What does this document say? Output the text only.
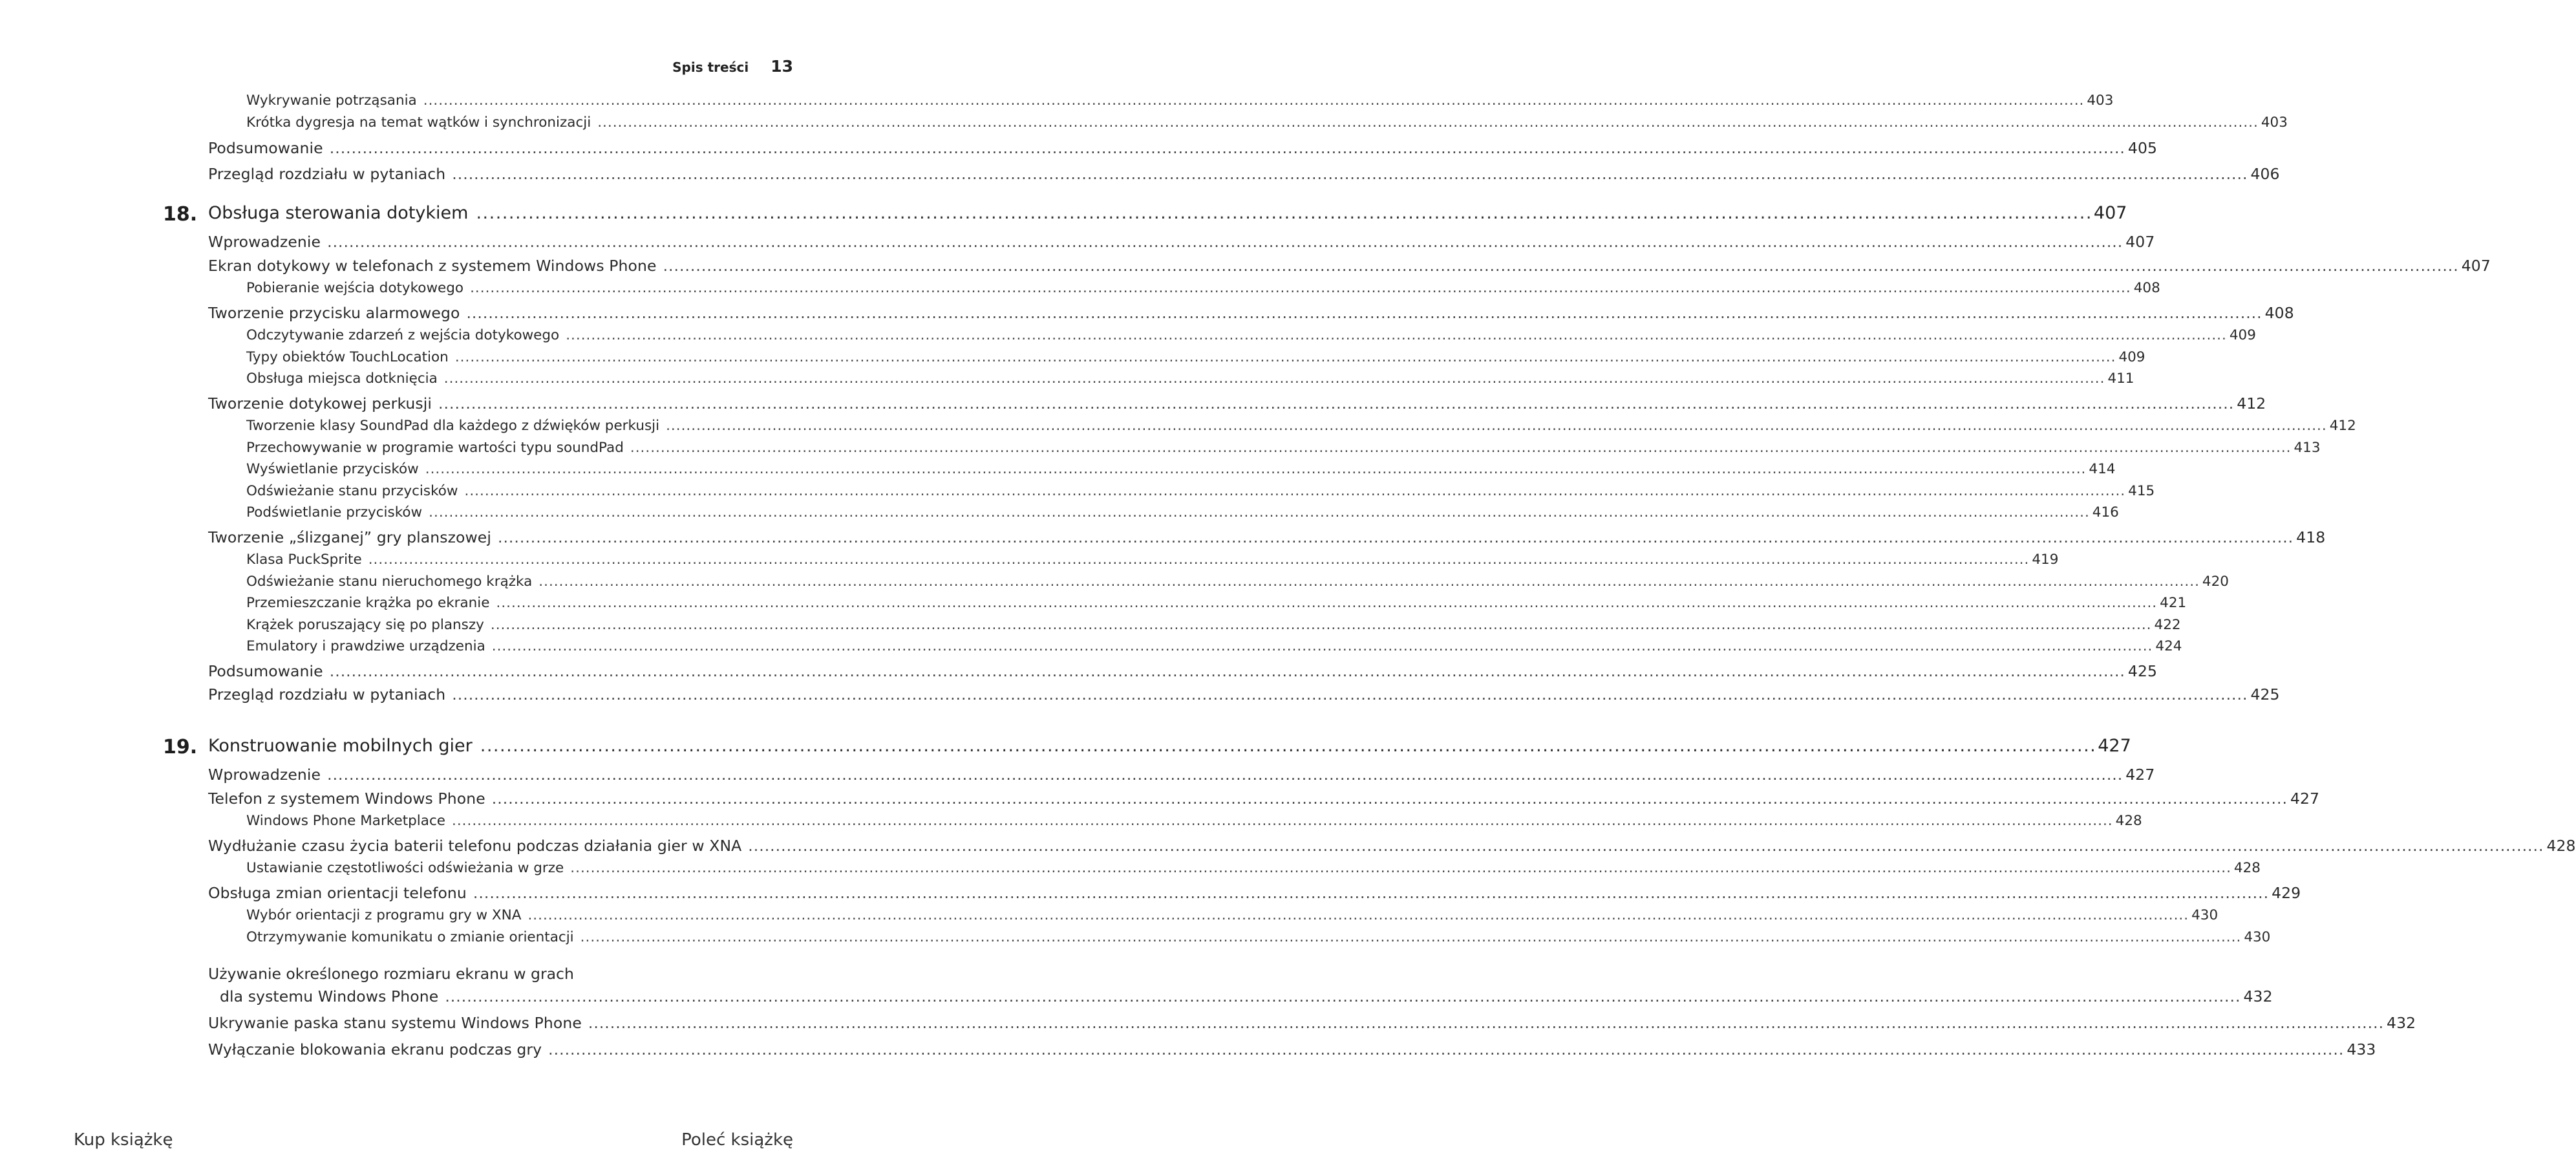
Spis treści 13
Wykrywanie potrząsania .....	403
Krótka dygresja na temat wątków i synchronizacji .....	403
Podsumowanie .....	405
Przegląd rozdziału w pytaniach .....	406
18. Obsługa sterowania dotykiem .....	407
Wprowadzenie .....	407
Ekran dotykowy w telefonach z systemem Windows Phone .....	407
Pobieranie wejścia dotykowego .....	408
Tworzenie przycisku alarmowego .....	408
Odczytywanie zdarzeń z wejścia dotykowego .....	409
Typy obiektów TouchLocation .....	409
Obsługa miejsca dotknięcia .....	411
Tworzenie dotykowej perkusji .....	412
Tworzenie klasy SoundPad dla każdego z dźwięków perkusji .....	412
Przechowywanie w programie wartości typu soundPad .....	413
Wyświetlanie przycisków .....	414
Odświeżanie stanu przycisków .....	415
Podświetlanie przycisków .....	416
Tworzenie „ślizganej” gry planszowej .....	418
Klasa PuckSprite .....	419
Odświeżanie stanu nieruchomego krążka .....	420
Przemieszczanie krążka po ekranie .....	421
Krążek poruszający się po planszy .....	422
Emulatory i prawdziwe urządzenia .....	424
Podsumowanie .....	425
Przegląd rozdziału w pytaniach .....	425
19. Konstruowanie mobilnych gier .....	427
Wprowadzenie .....	427
Telefon z systemem Windows Phone .....	427
Windows Phone Marketplace .....	428
Wydłużanie czasu życia baterii telefonu podczas działania gier w XNA .....	428
Ustawianie częstotliwości odświeżania w grze .....	428
Obsługa zmian orientacji telefonu .....	429
Wybór orientacji z programu gry w XNA .....	430
Otrzymywanie komunikatu o zmianie orientacji .....	430
Używanie określonego rozmiaru ekranu w grach
dla systemu Windows Phone .....	432
Ukrywanie paska stanu systemu Windows Phone .....	432
Wyłączanie blokowania ekranu podczas gry .....	433
Kup książkę	Poleć książkę
